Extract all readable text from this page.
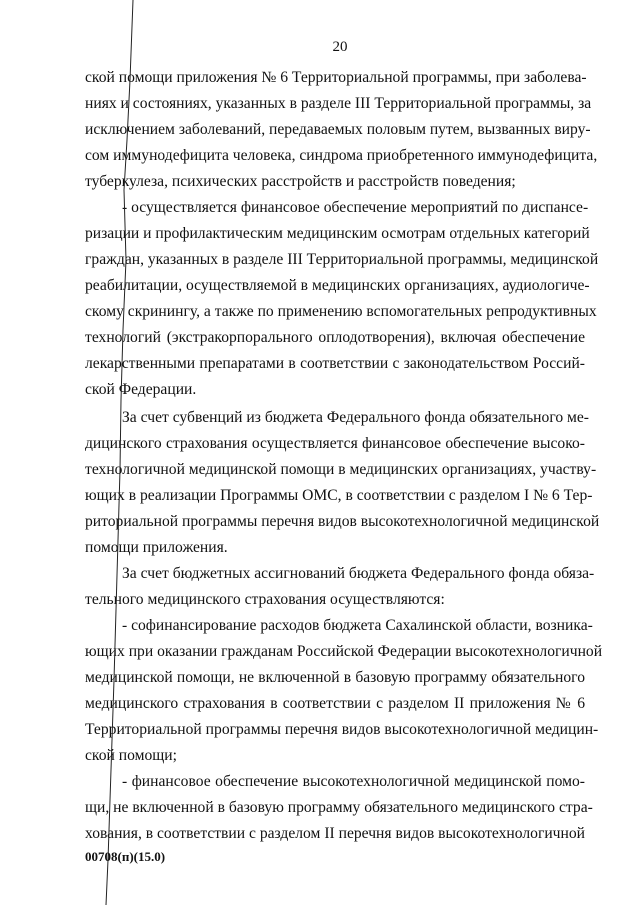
20
ской помощи приложения № 6 Территориальной программы, при заболева-
ниях и состояниях, указанных в разделе III Территориальной программы, за
исключением заболеваний, передаваемых половым путем, вызванных виру-
сом иммунодефицита человека, синдрома приобретенного иммунодефицита,
туберкулеза, психических расстройств и расстройств поведения;
- осуществляется финансовое обеспечение мероприятий по диспансе-
ризации и профилактическим медицинским осмотрам отдельных категорий
граждан, указанных в разделе III Территориальной программы, медицинской
реабилитации, осуществляемой в медицинских организациях, аудиологиче-
скому скринингу, а также по применению вспомогательных репродуктивных
технологий (экстракорпорального оплодотворения), включая обеспечение
лекарственными препаратами в соответствии с законодательством Россий-
ской Федерации.
За счет субвенций из бюджета Федерального фонда обязательного ме-
дицинского страхования осуществляется финансовое обеспечение высоко-
технологичной медицинской помощи в медицинских организациях, участву-
ющих в реализации Программы ОМС, в соответствии с разделом I № 6 Тер-
риториальной программы перечня видов высокотехнологичной медицинской
помощи приложения.
За счет бюджетных ассигнований бюджета Федерального фонда обяза-
тельного медицинского страхования осуществляются:
- софинансирование расходов бюджета Сахалинской области, возника-
ющих при оказании гражданам Российской Федерации высокотехнологичной
медицинской помощи, не включенной в базовую программу обязательного
медицинского страхования в соответствии с разделом II приложения № 6
Территориальной программы перечня видов высокотехнологичной медицин-
ской помощи;
- финансовое обеспечение высокотехнологичной медицинской помо-
щи, не включенной в базовую программу обязательного медицинского стра-
хования, в соответствии с разделом II перечня видов высокотехнологичной
00708(п)(15.0)
